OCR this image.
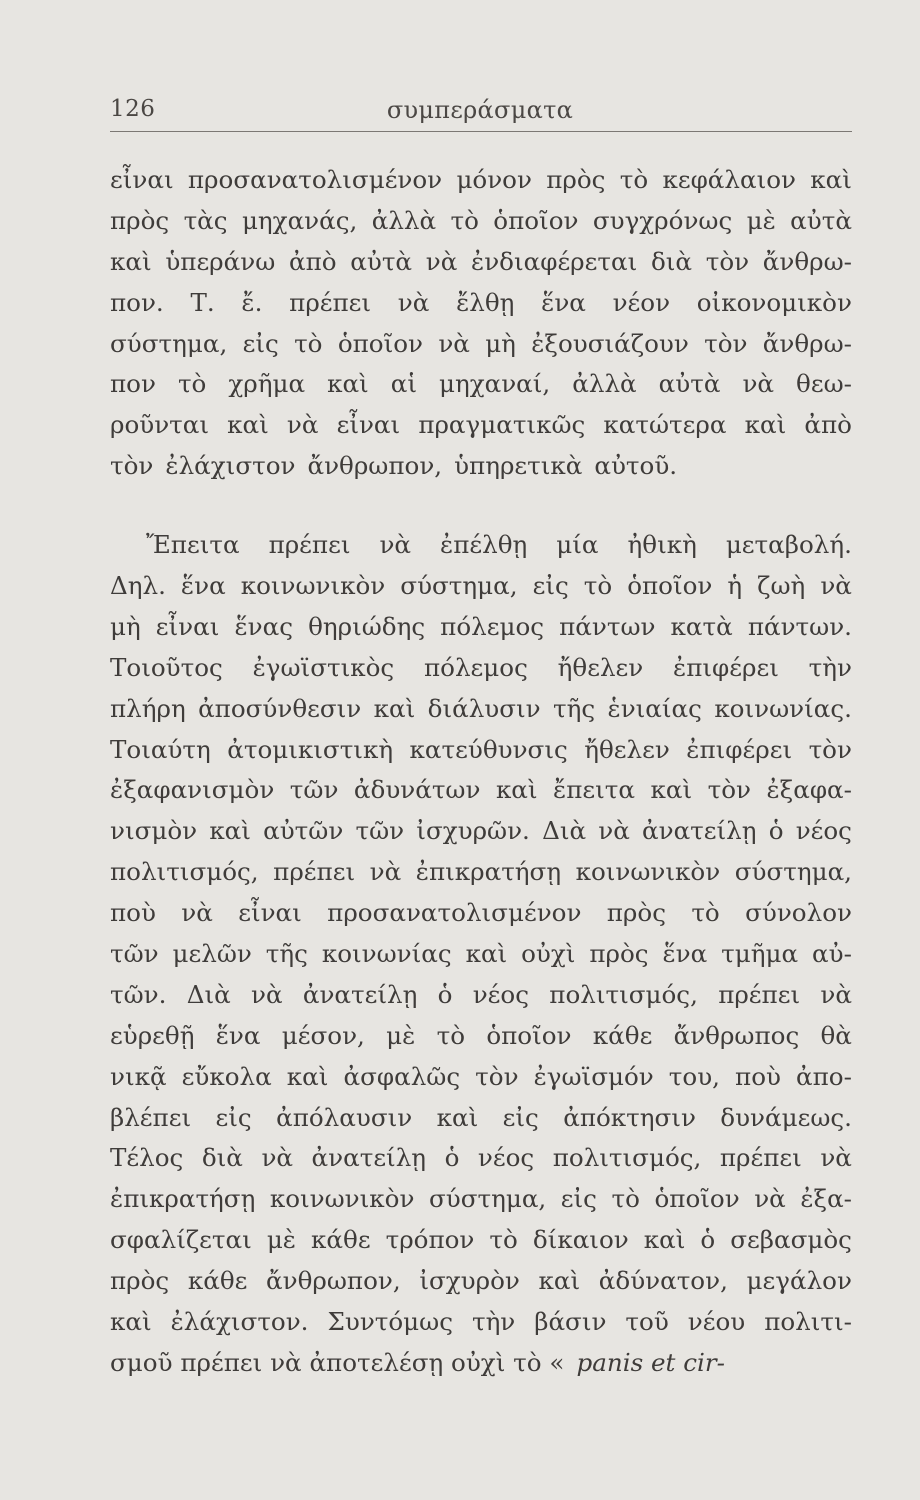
126	συμπεράσματα
εἶναι προσανατολισμένον μόνον πρὸς τὸ κεφάλαιον καὶ
πρὸς τὰς μηχανάς, ἀλλὰ τὸ ὁποῖον συγχρόνως μὲ αὐτὰ
καὶ ὑπεράνω ἀπὸ αὐτὰ νὰ ἐνδιαφέρεται διὰ τὸν ἄνθρω-
πον. Τ. ἔ. πρέπει νὰ ἔλθῃ ἕνα νέον οἰκονομικὸν
σύστημα, εἰς τὸ ὁποῖον νὰ μὴ ἐξουσιάζουν τὸν ἄνθρω-
πον τὸ χρῆμα καὶ αἱ μηχαναί, ἀλλὰ αὐτὰ νὰ θεω-
ροῦνται καὶ νὰ εἶναι πραγματικῶς κατώτερα καὶ ἀπὸ
τὸν ἐλάχιστον ἄνθρωπον, ὑπηρετικὰ αὐτοῦ.
Ἔπειτα πρέπει νὰ ἐπέλθῃ μία ἠθικὴ μεταβολή.
Δηλ. ἕνα κοινωνικὸν σύστημα, εἰς τὸ ὁποῖον ἡ ζωὴ νὰ
μὴ εἶναι ἕνας θηριώδης πόλεμος πάντων κατὰ πάντων.
Τοιοῦτος ἐγωϊστικὸς πόλεμος ἤθελεν ἐπιφέρει τὴν
πλήρη ἀποσύνθεσιν καὶ διάλυσιν τῆς ἑνιαίας κοινωνίας.
Τοιαύτη ἀτομικιστικὴ κατεύθυνσις ἤθελεν ἐπιφέρει τὸν
ἐξαφανισμὸν τῶν ἀδυνάτων καὶ ἔπειτα καὶ τὸν ἐξαφα-
νισμὸν καὶ αὐτῶν τῶν ἰσχυρῶν. Διὰ νὰ ἀνατείλῃ ὁ νέος
πολιτισμός, πρέπει νὰ ἐπικρατήσῃ κοινωνικὸν σύστημα,
ποὺ νὰ εἶναι προσανατολισμένον πρὸς τὸ σύνολον
τῶν μελῶν τῆς κοινωνίας καὶ οὐχὶ πρὸς ἕνα τμῆμα αὐ-
τῶν. Διὰ νὰ ἀνατείλῃ ὁ νέος πολιτισμός, πρέπει νὰ
εὑρεθῇ ἕνα μέσον, μὲ τὸ ὁποῖον κάθε ἄνθρωπος θὰ
νικᾷ εὔκολα καὶ ἀσφαλῶς τὸν ἐγωϊσμόν του, ποὺ ἀπο-
βλέπει εἰς ἀπόλαυσιν καὶ εἰς ἀπόκτησιν δυνάμεως.
Τέλος διὰ νὰ ἀνατείλῃ ὁ νέος πολιτισμός, πρέπει νὰ
ἐπικρατήσῃ κοινωνικὸν σύστημα, εἰς τὸ ὁποῖον νὰ ἐξα-
σφαλίζεται μὲ κάθε τρόπον τὸ δίκαιον καὶ ὁ σεβασμὸς
πρὸς κάθε ἄνθρωπον, ἰσχυρὸν καὶ ἀδύνατον, μεγάλον
καὶ ἐλάχιστον. Συντόμως τὴν βάσιν τοῦ νέου πολιτι-
σμοῦ πρέπει νὰ ἀποτελέσῃ οὐχὶ τὸ « panis et cir-
